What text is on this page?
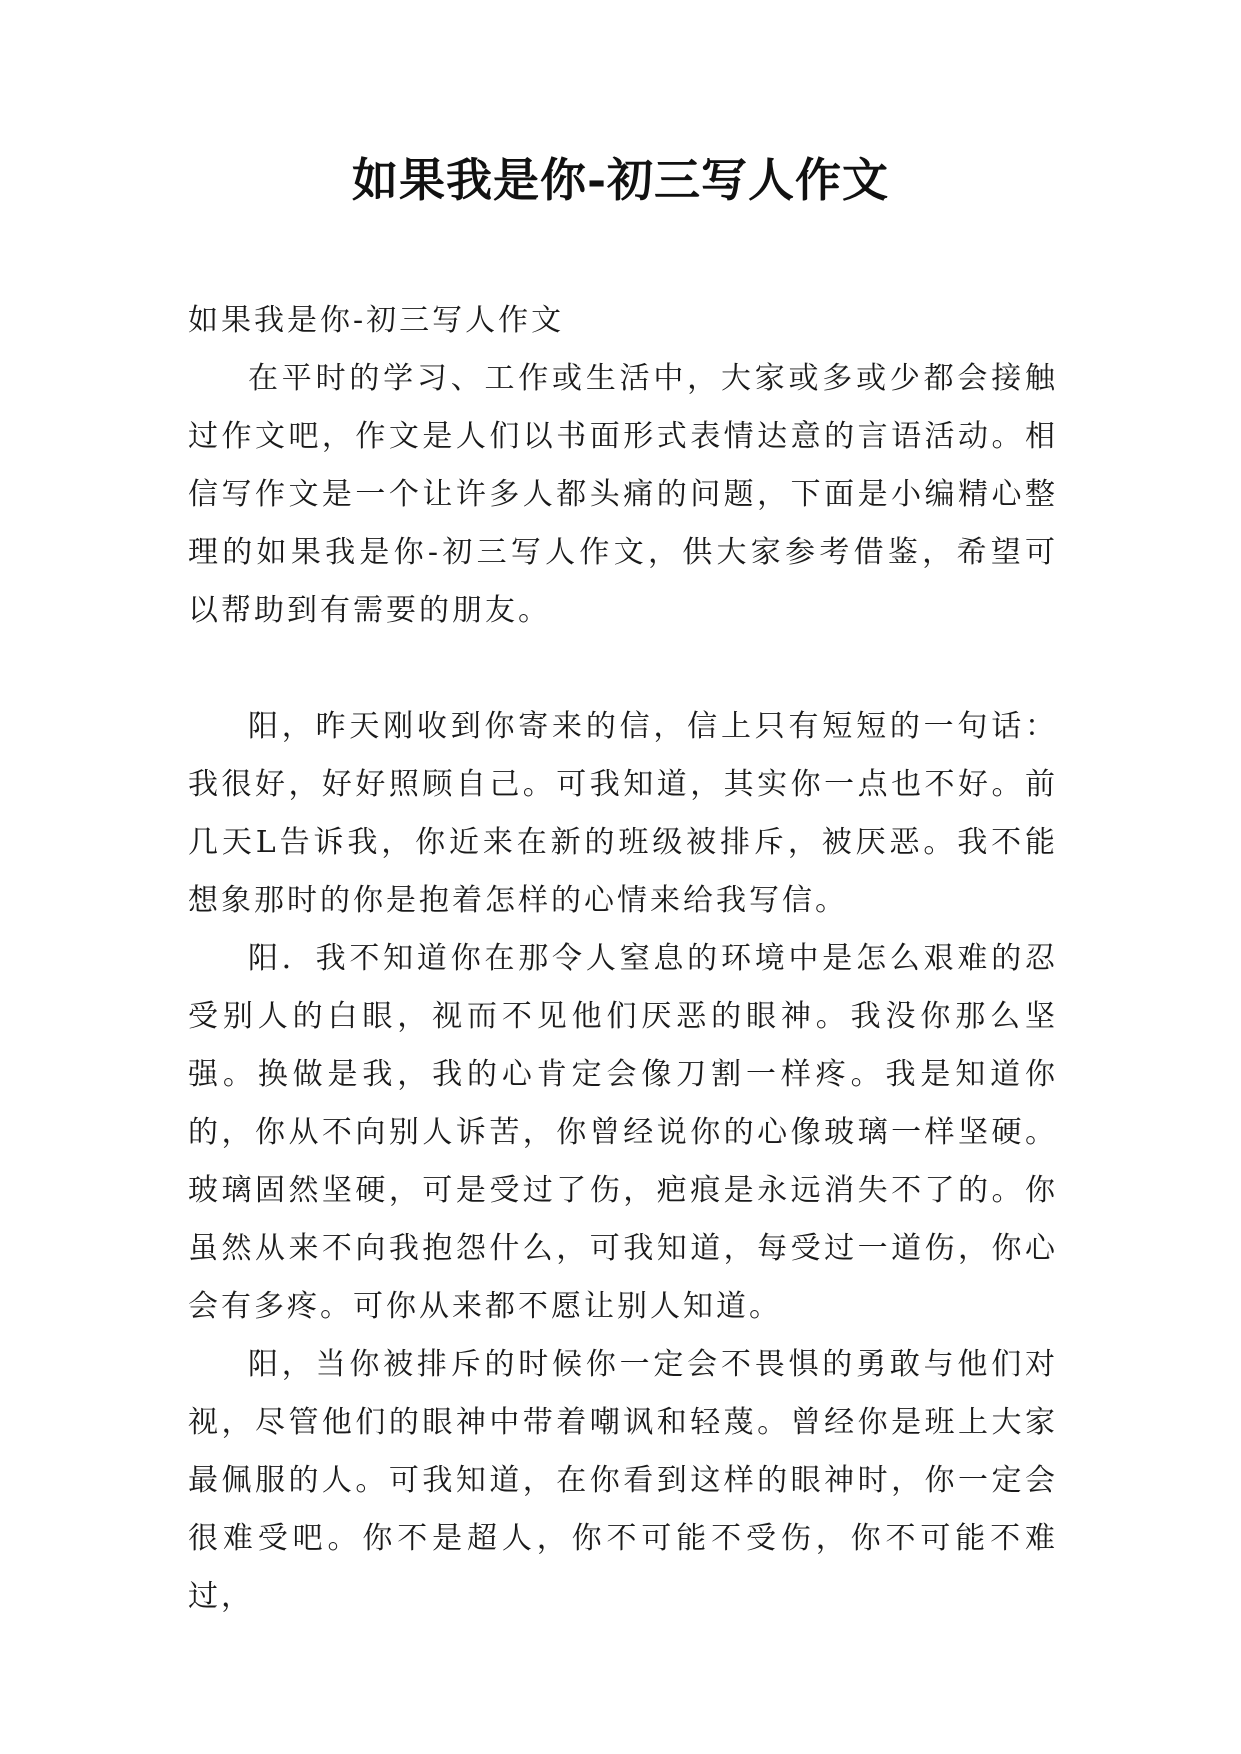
如果我是你-初三写人作文

如果我是你-初三写人作文

在平时的学习、工作或生活中，大家或多或少都会接触过作文吧，作文是人们以书面形式表情达意的言语活动。相信写作文是一个让许多人都头痛的问题，下面是小编精心整理的如果我是你-初三写人作文，供大家参考借鉴，希望可以帮助到有需要的朋友。

阳，昨天刚收到你寄来的信，信上只有短短的一句话：我很好，好好照顾自己。可我知道，其实你一点也不好。前几天L告诉我，你近来在新的班级被排斥，被厌恶。我不能想象那时的你是抱着怎样的心情来给我写信。

阳．我不知道你在那令人窒息的环境中是怎么艰难的忍受别人的白眼，视而不见他们厌恶的眼神。我没你那么坚强。换做是我，我的心肯定会像刀割一样疼。我是知道你的，你从不向别人诉苦，你曾经说你的心像玻璃一样坚硬。玻璃固然坚硬，可是受过了伤，疤痕是永远消失不了的。你虽然从来不向我抱怨什么，可我知道，每受过一道伤，你心会有多疼。可你从来都不愿让别人知道。

阳，当你被排斥的时候你一定会不畏惧的勇敢与他们对视，尽管他们的眼神中带着嘲讽和轻蔑。曾经你是班上大家最佩服的人。可我知道，在你看到这样的眼神时，你一定会很难受吧。你不是超人，你不可能不受伤，你不可能不难过，
